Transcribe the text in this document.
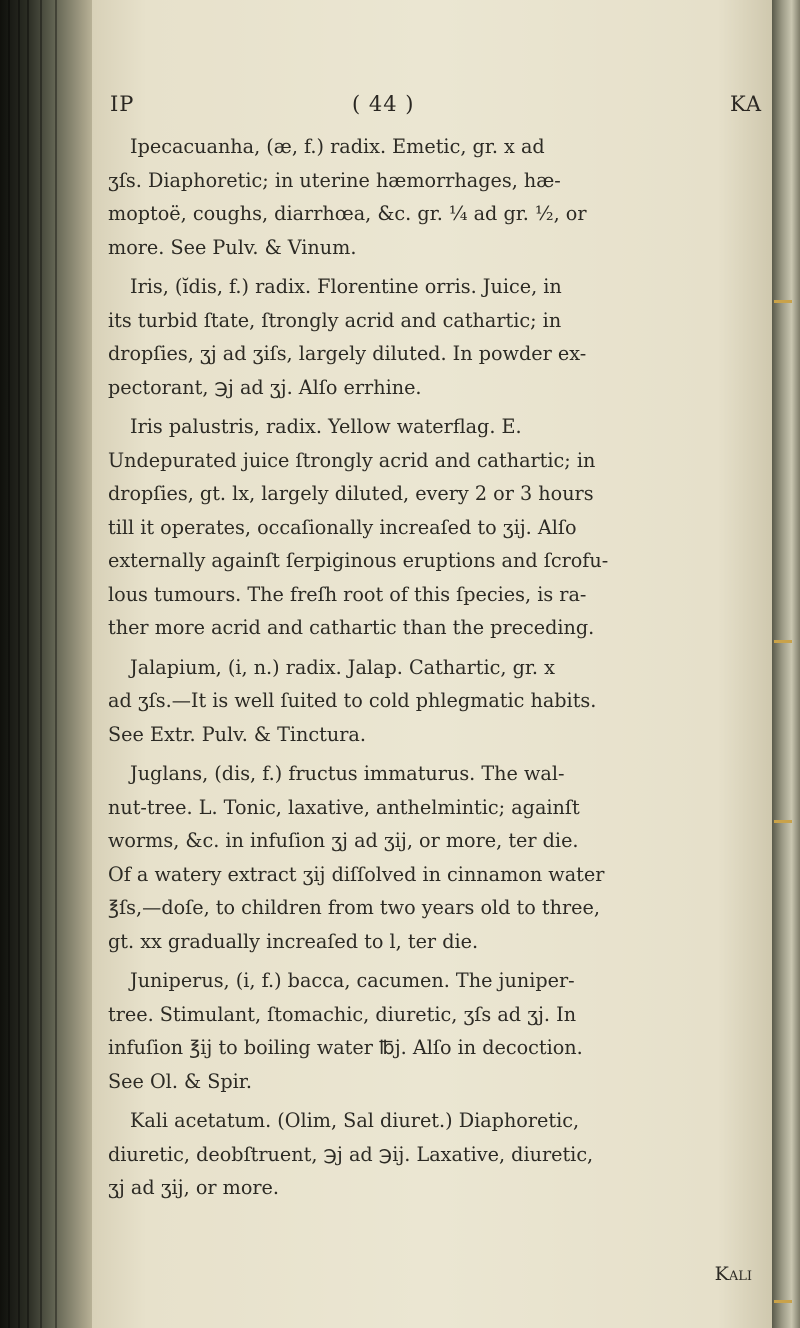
IP	( 44 )	KA
Ipecacuanha, (æ, f.) radix. Emetic, gr. x ad
ʒſs. Diaphoretic; in uterine hæmorrhages, hæ-
moptoë, coughs, diarrhœa, &c. gr. ¼ ad gr. ½, or
more. See Pulv. & Vinum.
Iris, (ĭdis, f.) radix. Florentine orris. Juice, in
its turbid ſtate, ſtrongly acrid and cathartic; in
dropſies, ʒj ad ʒiſs, largely diluted. In powder ex-
pectorant, ℈j ad ʒj. Alſo errhine.
Iris palustris, radix. Yellow waterflag. E.
Undepurated juice ſtrongly acrid and cathartic; in
dropſies, gt. lx, largely diluted, every 2 or 3 hours
till it operates, occaſionally increaſed to ʒij. Alſo
externally againſt ſerpiginous eruptions and ſcrofu-
lous tumours. The freſh root of this ſpecies, is ra-
ther more acrid and cathartic than the preceding.
Jalapium, (i, n.) radix. Jalap. Cathartic, gr. x
ad ʒſs.—It is well ſuited to cold phlegmatic habits.
See Extr. Pulv. & Tinctura.
Juglans, (dis, f.) fructus immaturus. The wal-
nut-tree. L. Tonic, laxative, anthelmintic; againſt
worms, &c. in infuſion ʒj ad ʒij, or more, ter die.
Of a watery extract ʒij diſſolved in cinnamon water
℥ſs,—doſe, to children from two years old to three,
gt. xx gradually increaſed to l, ter die.
Juniperus, (i, f.) bacca, cacumen. The juniper-
tree. Stimulant, ſtomachic, diuretic, ʒſs ad ʒj. In
infuſion ℥ij to boiling water ℔j. Alſo in decoction.
See Ol. & Spir.
Kali acetatum. (Olim, Sal diuret.) Diaphoretic,
diuretic, deobſtruent, ℈j ad ℈ij. Laxative, diuretic,
ʒj ad ʒij, or more.
Kali
